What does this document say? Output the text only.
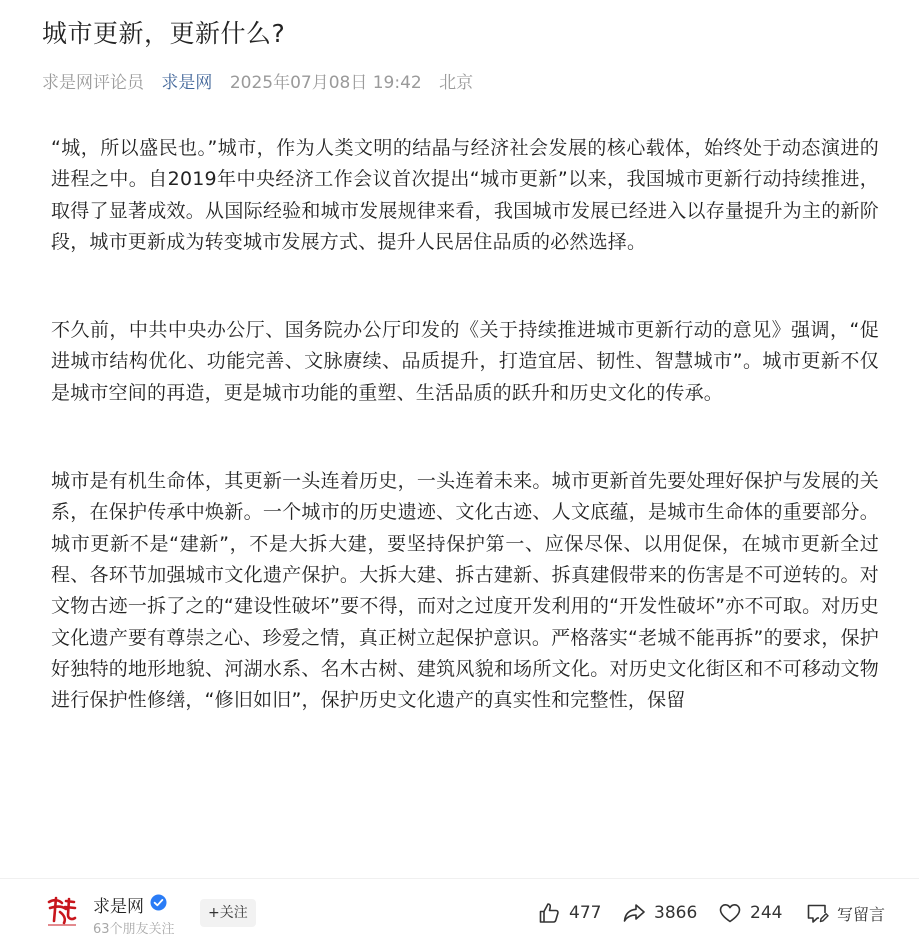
城市更新，更新什么?
求是网评论员 求是网 2025年07月08日 19:42 北京

“城，所以盛民也。”城市，作为人类文明的结晶与经济社会发展的核心载体，始终处于动态演进的进程之中。自2019年中央经济工作会议首次提出“城市更新”以来，我国城市更新行动持续推进，取得了显著成效。从国际经验和城市发展规律来看，我国城市发展已经进入以存量提升为主的新阶段，城市更新成为转变城市发展方式、提升人民居住品质的必然选择。

不久前，中共中央办公厅、国务院办公厅印发的《关于持续推进城市更新行动的意见》强调，“促进城市结构优化、功能完善、文脉赓续、品质提升，打造宜居、韧性、智慧城市”。城市更新不仅是城市空间的再造，更是城市功能的重塑、生活品质的跃升和历史文化的传承。

城市是有机生命体，其更新一头连着历史，一头连着未来。城市更新首先要处理好保护与发展的关系，在保护传承中焕新。一个城市的历史遗迹、文化古迹、人文底蕴，是城市生命体的重要部分。城市更新不是“建新”，不是大拆大建，要坚持保护第一、应保尽保、以用促保，在城市更新全过程、各环节加强城市文化遗产保护。大拆大建、拆古建新、拆真建假带来的伤害是不可逆转的。对文物古迹一拆了之的“建设性破坏”要不得，而对之过度开发利用的“开发性破坏”亦不可取。对历史文化遗产要有尊崇之心、珍爱之情，真正树立起保护意识。严格落实“老城不能再拆”的要求，保护好独特的地形地貌、河湖水系、名木古树、建筑风貌和场所文化。对历史文化街区和不可移动文物进行保护性修缮，“修旧如旧”，保护历史文化遗产的真实性和完整性，保留

求是网
63个朋友关注
+关注	477	3866	244	写留言
